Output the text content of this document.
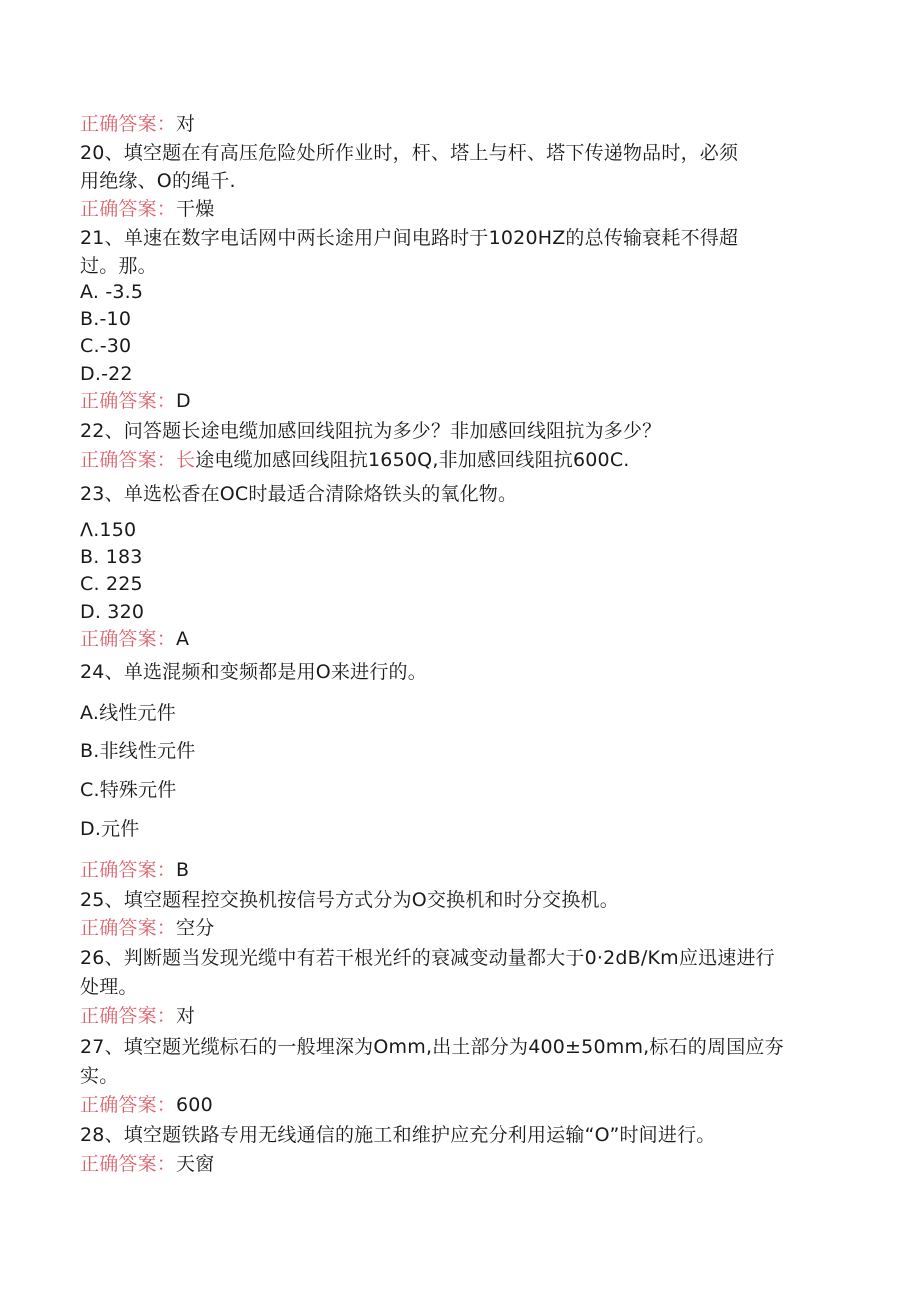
正确答案：对
20、填空题在有高压危险处所作业时，杆、塔上与杆、塔下传递物品时，必须
用绝缘、O的绳千.
正确答案：干燥
21、单速在数字电话网中两长途用户间电路时于1020HZ的总传输衰耗不得超
过。那。
A. -3.5
B.-10
C.-30
D.-22
正确答案：D
22、问答题长途电缆加感回线阻抗为多少？非加感回线阻抗为多少？
正确答案：长途电缆加感回线阻抗1650Q,非加感回线阻抗600C.
23、单选松香在OC时最适合清除烙铁头的氧化物。
Λ.150
B. 183
C. 225
D. 320
正确答案：A
24、单选混频和变频都是用O来进行的。
A.线性元件
B.非线性元件
C.特殊元件
D.元件
正确答案：B
25、填空题程控交换机按信号方式分为O交换机和时分交换机。
正确答案：空分
26、判断题当发现光缆中有若干根光纤的衰减变动量都大于0·2dB∕Km应迅速进行
处理。
正确答案：对
27、填空题光缆标石的一般埋深为Omm,出土部分为400±50mm,标石的周国应夯
实。
正确答案：600
28、填空题铁路专用无线通信的施工和维护应充分利用运输“O”时间进行。
正确答案：天窗
